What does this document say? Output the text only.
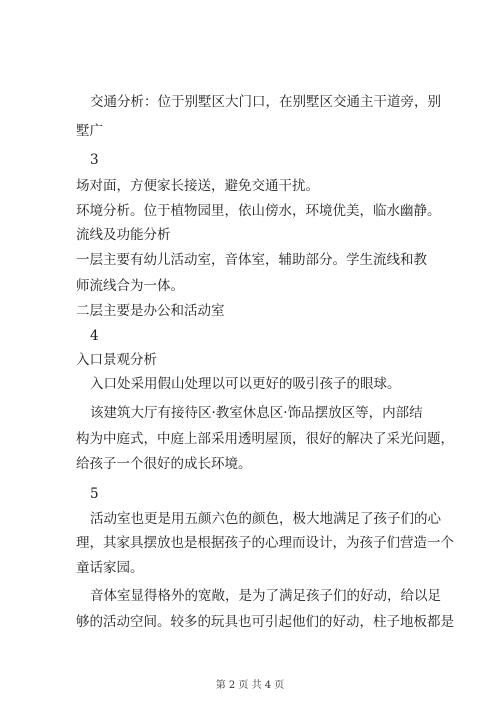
交通分析：位于别墅区大门口，在别墅区交通主干道旁，别
墅广
3
场对面，方便家长接送，避免交通干扰。
环境分析。位于植物园里，依山傍水，环境优美，临水幽静。
流线及功能分析
一层主要有幼儿活动室，音体室，辅助部分。学生流线和教
师流线合为一体。
二层主要是办公和活动室
4
入口景观分析
入口处采用假山处理以可以更好的吸引孩子的眼球。
该建筑大厅有接待区·教室休息区·饰品摆放区等，内部结
构为中庭式，中庭上部采用透明屋顶，很好的解决了采光问题，
给孩子一个很好的成长环境。
5
活动室也更是用五颜六色的颜色，极大地满足了孩子们的心
理，其家具摆放也是根据孩子的心理而设计，为孩子们营造一个
童话家园。
音体室显得格外的宽敞，是为了满足孩子们的好动，给以足
够的活动空间。较多的玩具也可引起他们的好动，柱子地板都是
第 2 页 共 4 页
